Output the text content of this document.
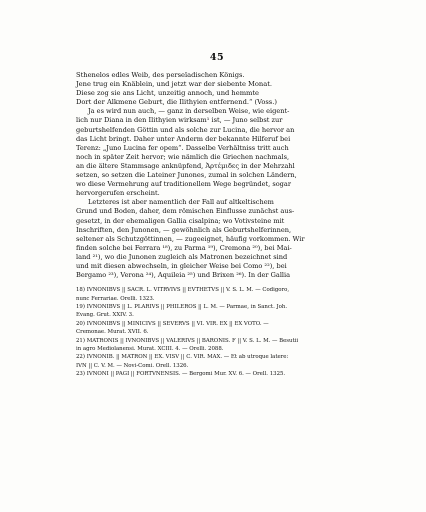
45
Sthenelos edles Weib, des perseïadischen Königs.
Jene trug ein Knäblein, und jetzt war der siebente Monat.
Diese zog sie ans Licht, unzeitig annoch, und hemmte
Dort der Alkmene Geburt, die Ilithyien entfernend.“ (Voss.)
Ja es wird nun auch, — ganz in derselben Weise, wie eigent-
lich nur Diana in den Ilithyien wirksam¹ ist, — Juno selbst zur
geburtshelfenden Göttin und als solche zur Lucina, die hervor an
das Licht bringt. Daher unter Anderm der bekannte Hilferuf bei
Terenz: „Juno Lucina fer opem“. Dasselbe Verhältniss tritt auch
noch in später Zeit hervor; wie nämlich die Griechen nachmals,
an die ältere Stammsage anknüpfend, Ἀρτέμιδες in der Mehrzahl
setzen, so setzen die Lateiner Junones, zumal in solchen Ländern,
wo diese Vermehrung auf traditionellem Wege begründet, sogar
hervorgerufen erscheint.
Letzteres ist aber namentlich der Fall auf altkeltischem
Grund und Boden, daher, dem römischen Einflusse zunächst aus-
gesetzt, in der ehemaligen Gallia cisalpina; wo Votivsteine mit
Inschriften, den Junonen, — gewöhnlich als Geburtshelferinnen,
seltener als Schutzgöttinnen, — zugeeignet, häufig vorkommen. Wir
finden solche bei Ferrara ¹⁸), zu Parma ¹⁹), Cremona ²⁰), bei Mai-
land ²¹), wo die Junonen zugleich als Matronen bezeichnet sind
und mit diesen abwechseln, in gleicher Weise bei Como ²²), bei
Bergamo ²³), Verona ²⁴), Aquileia ²⁵) und Brixen ²⁶). In der Gallia
18) IVNONIBVS || SACR. L. VITRVIVS || EVTHETVS || V. S. L. M. — Codigoro,
nunc Ferrariae. Orelli. 1323.
19) IVNONIBVS || L. PLARIVS || PHILEROS || L. M. — Parmae, in Sanct. Joh.
Evang. Grut. XXIV. 3.
20) IVNONIBVS || MINICIVS || SEVERVS || VI. VIR. EX || EX VOTO. —
Cremonae. Murat. XVII. 6.
21) MATRONIS || IVNONIBVS || VALERIVS || BARONIS. F || V. S. L. M. — Besutii
in agro Mediolanensi. Murat. XCIII. 4. — Orelli. 2088.
22) IVNONIB. || MATRON || EX. VISV || C. VIR. MAX. — Et ab utroque latere:
IVN || C. V. M. — Novi-Comi. Orell. 1326.
23) IVNONI || PAGI || FORTVNENSIS. — Bergomi Mur. XV. 6. — Orell. 1325.
